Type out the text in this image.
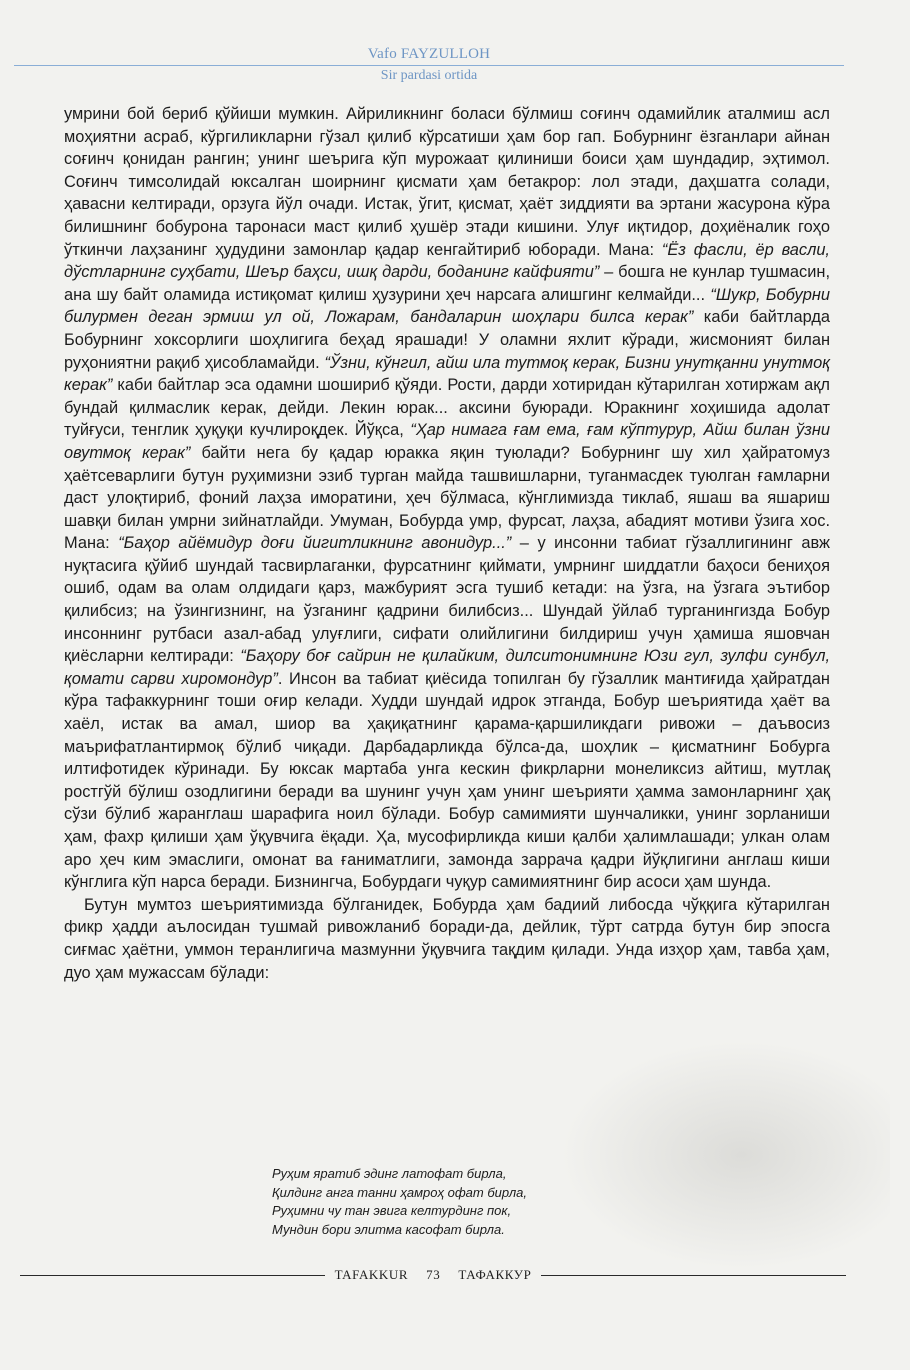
Vafo FAYZULLOH
Sir pardasi ortida

умрини бой бериб қўйиши мумкин. Айриликнинг боласи бўлмиш соғинч одамийлик аталмиш асл моҳиятни асраб, кўргиликларни гўзал қилиб кўрсатиши ҳам бор гап. Бобурнинг ёзганлари айнан соғинч қонидан рангин; унинг шеърига кўп мурожаат қилиниши боиси ҳам шундадир, эҳтимол. Соғинч тимсолидай юксалган шоирнинг қисмати ҳам бетакрор: лол этади, даҳшатга солади, ҳавасни келтиради, орзуга йўл очади. Истак, ўгит, қисмат, ҳаёт зиддияти ва эртани жасурона кўра билишнинг бобурона таронаси маст қилиб ҳушёр этади кишини. Улуғ иқтидор, доҳиёналик гоҳо ўткинчи лаҳзанинг ҳудудини замонлар қадар кенгайтириб юборади. Мана: “Ёз фасли, ёр васли, дўстларнинг суҳбати, Шеър баҳси, ишқ дарди, боданинг кайфияти” – бошга не кунлар тушмасин, ана шу байт оламида истиқомат қилиш ҳузурини ҳеч нарсага алишгинг келмайди... “Шукр, Бобурни билурмен деган эрмиш ул ой, Ложарам, бандаларин шоҳлари билса керак” каби байтларда Бобурнинг хоксорлиги шоҳлигига беҳад ярашади! У оламни яхлит кўради, жисмоният билан руҳониятни рақиб ҳисобламайди. “Ўзни, кўнгил, айш ила тутмоқ керак, Бизни унутқанни унутмоқ керак” каби байтлар эса одамни шошириб қўяди. Рости, дарди хотиридан кўтарилган хотиржам ақл бундай қилмаслик керак, дейди. Лекин юрак... аксини буюради. Юракнинг хоҳишида адолат туйғуси, тенглик ҳуқуқи кучлироқдек. Йўқса, “Ҳар нимага ғам ема, ғам кўптурур, Айш билан ўзни овутмоқ керак” байти нега бу қадар юракка яқин туюлади? Бобурнинг шу хил ҳайратомуз ҳаётсеварлиги бутун руҳимизни эзиб турган майда ташвишларни, туганмасдек туюлган ғамларни даст улоқтириб, фоний лаҳза иморатини, ҳеч бўлмаса, кўнглимизда тиклаб, яшаш ва яшариш шавқи билан умрни зийнатлайди. Умуман, Бобурда умр, фурсат, лаҳза, абадият мотиви ўзига хос. Мана: “Баҳор айёмидур доғи йигитликнинг авонидур...” – у инсонни табиат гўзаллигининг авж нуқтасига қўйиб шундай тасвирлаганки, фурсатнинг қиймати, умрнинг шиддатли баҳоси бениҳоя ошиб, одам ва олам олдидаги қарз, мажбурият эсга тушиб кетади: на ўзга, на ўзгага эътибор қилибсиз; на ўзингизнинг, на ўзганинг қадрини билибсиз... Шундай ўйлаб турганингизда Бобур инсоннинг рутбаси азал-абад улуғлиги, сифати олийлигини билдириш учун ҳамиша яшовчан қиёсларни келтиради: “Баҳору боғ сайрин не қилайким, дилситонимнинг Юзи гул, зулфи сунбул, қомати сарви хиромондур”. Инсон ва табиат қиёсида топилган бу гўзаллик мантиғида ҳайратдан кўра тафаккурнинг тоши оғир келади. Худди шундай идрок этганда, Бобур шеъриятида ҳаёт ва хаёл, истак ва амал, шиор ва ҳақиқатнинг қарама-қаршиликдаги ривожи – даъвосиз маърифатлантирмоқ бўлиб чиқади. Дарбадарликда бўлса-да, шоҳлик – қисматнинг Бобурга илтифотидек кўринади. Бу юксак мартаба унга кескин фикрларни монеликсиз айтиш, мутлақ ростгўй бўлиш озодлигини беради ва шунинг учун ҳам унинг шеърияти ҳамма замонларнинг ҳақ сўзи бўлиб жаранглаш шарафига ноил бўлади. Бобур самимияти шунчаликки, унинг зорланиши ҳам, фахр қилиши ҳам ўқувчига ёқади. Ҳа, мусофирликда киши қалби ҳалимлашади; улкан олам аро ҳеч ким эмаслиги, омонат ва ғаниматлиги, замонда заррача қадри йўқлигини англаш киши кўнглига кўп нарса беради. Бизнингча, Бобурдаги чуқур самимиятнинг бир асоси ҳам шунда.

Бутун мумтоз шеъриятимизда бўлганидек, Бобурда ҳам бадиий либосда чўққига кўтарилган фикр ҳадди аълосидан тушмай ривожланиб боради-да, дейлик, тўрт сатрда бутун бир эпосга сиғмас ҳаётни, уммон теранлигича мазмунни ўқувчига тақдим қилади. Унда изҳор ҳам, тавба ҳам, дуо ҳам мужассам бўлади:

Руҳим яратиб эдинг латофат бирла,
Қилдинг анга танни ҳамроҳ офат бирла,
Руҳимни чу тан эвига келтурдинг пок,
Мундин бори элитма касофат бирла.
TAFAKKUR	73	ТАФАККУР
